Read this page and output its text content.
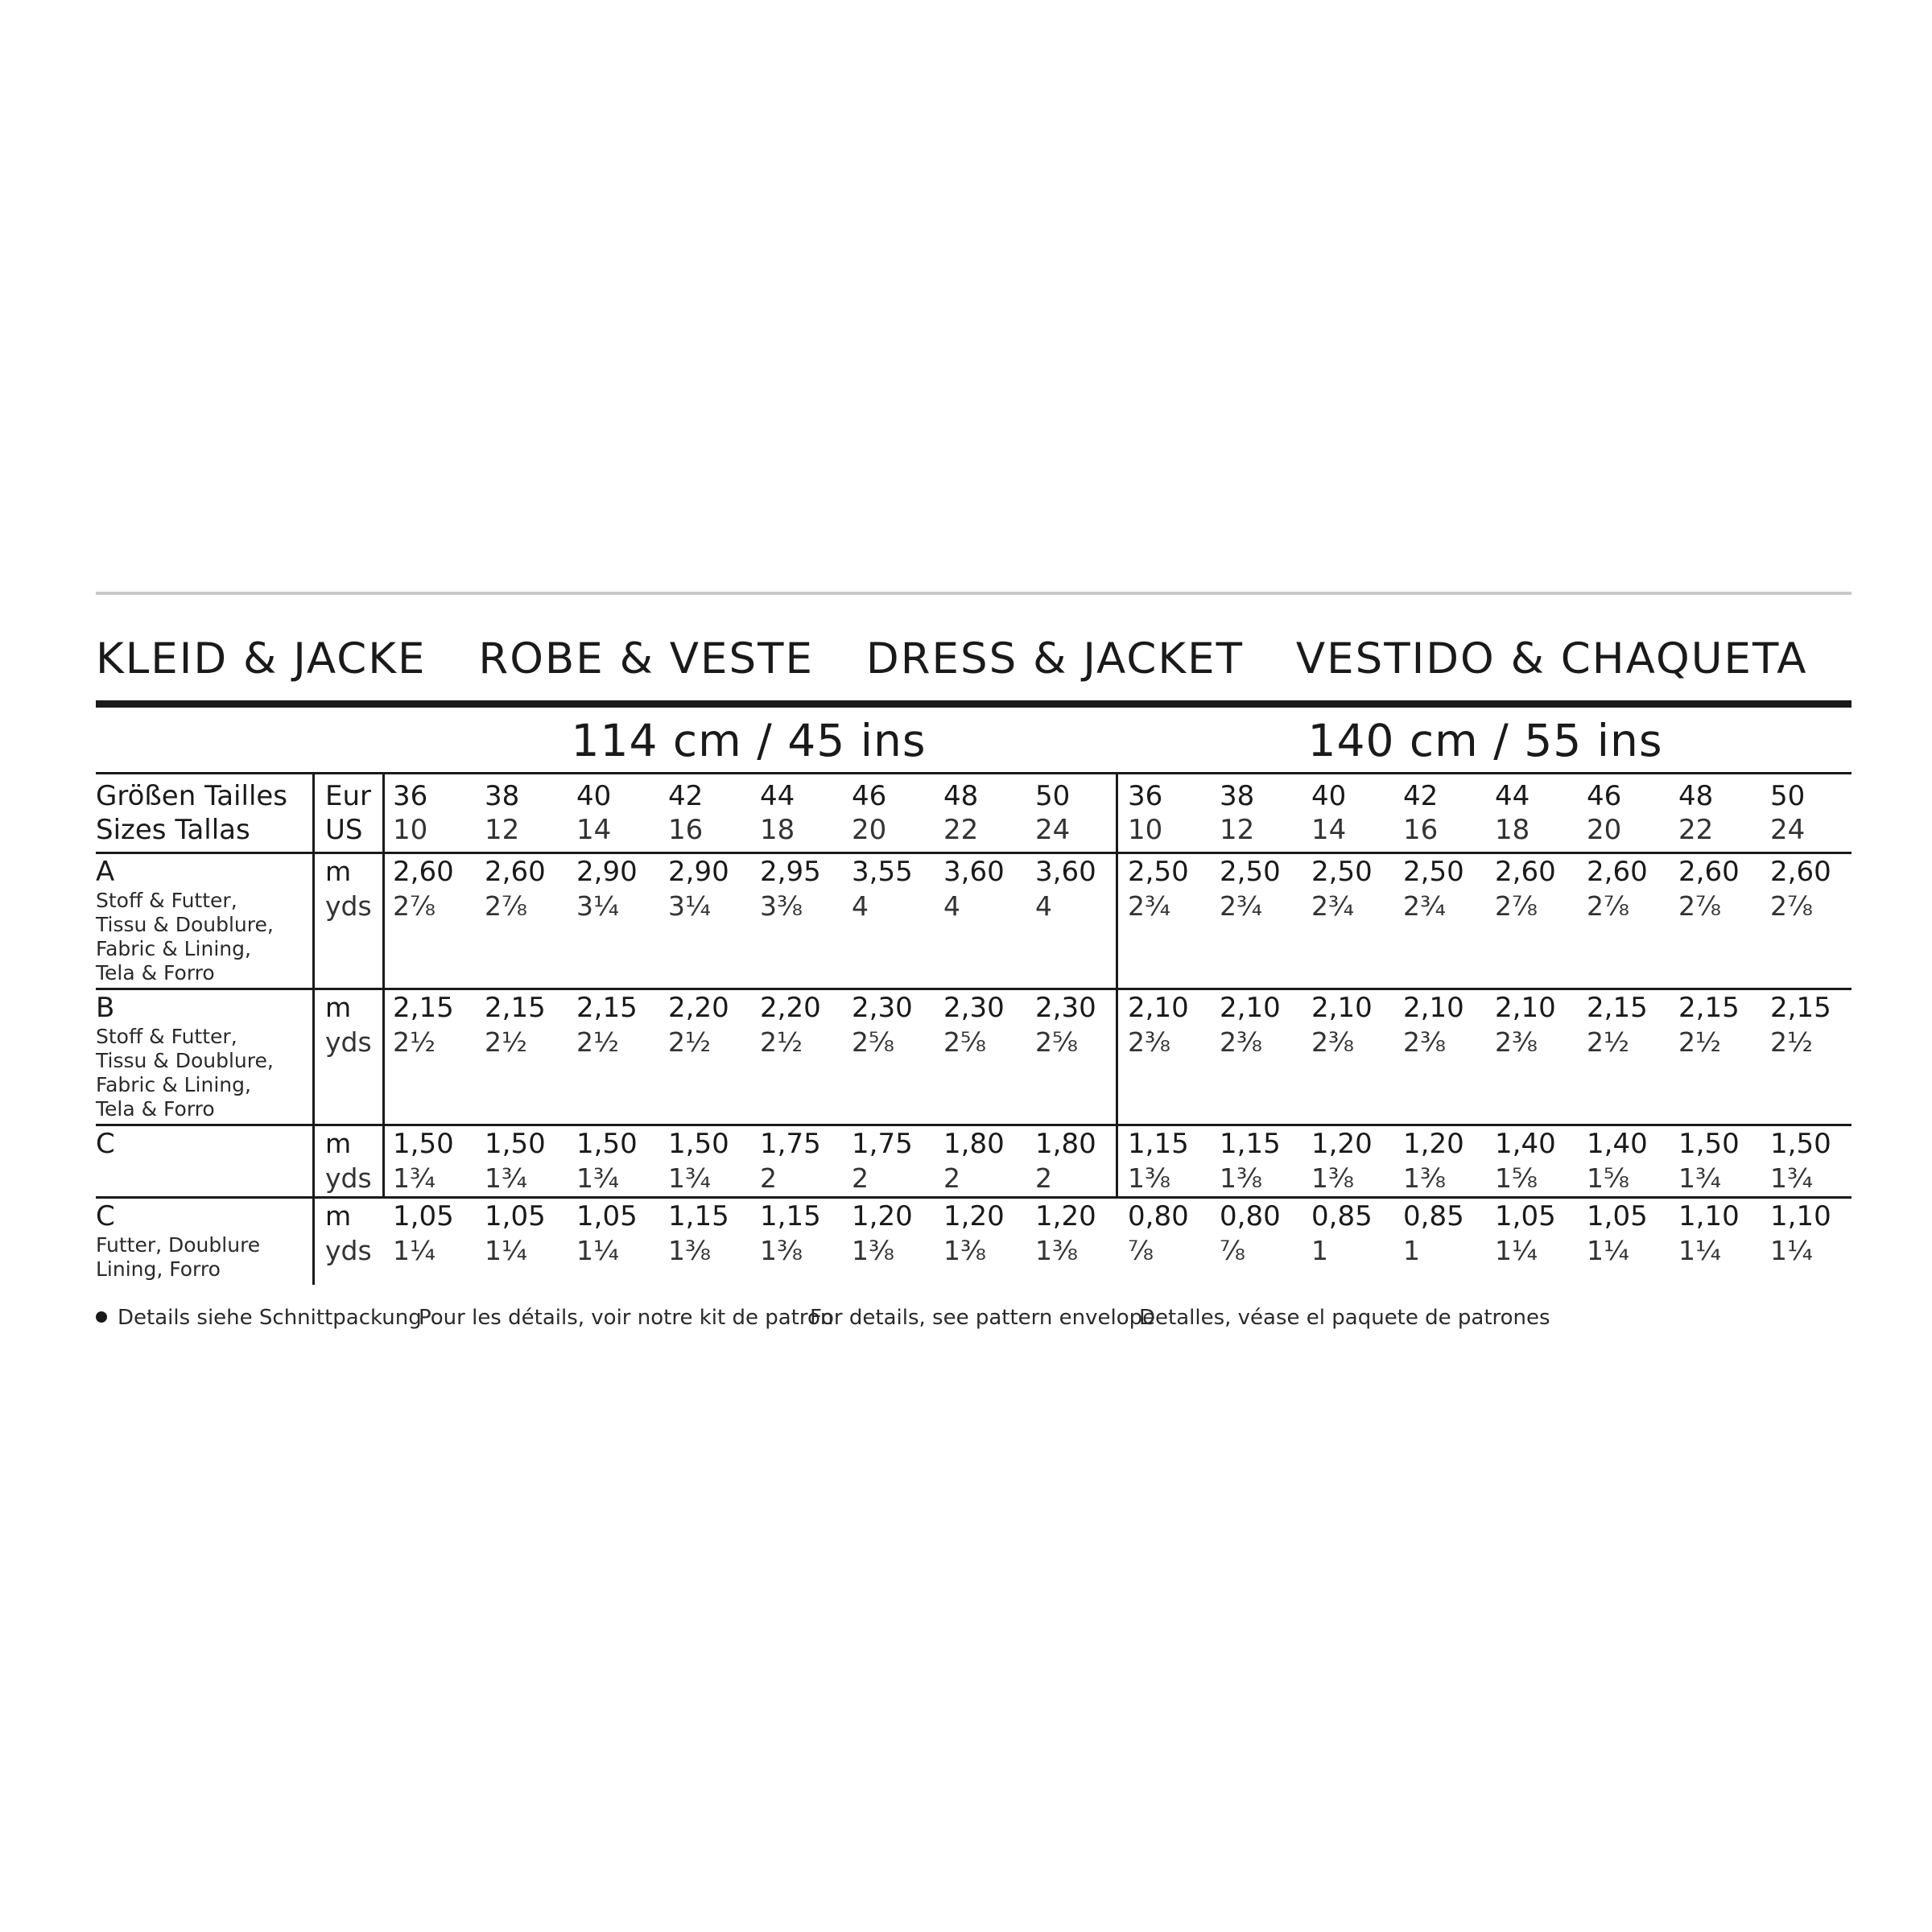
KLEID & JACKE ROBE & VESTE DRESS & JACKET VESTIDO & CHAQUETA
114 cm / 45 ins	140 cm / 55 ins
Größen Tailles
Sizes Tallas
Eur
US
36
10
38
12
40
14
42
16
44
18
46
20
48
22
50
24
36
10
38
12
40
14
42
16
44
18
46
20
48
22
50
24
A
Stoff & Futter,
Tissu & Doublure,
Fabric & Lining,
Tela & Forro
m
yds
2,60
2⅞
2,60
2⅞
2,90
3¼
2,90
3¼
2,95
3⅜
3,55
4
3,60
4
3,60
4
2,50
2¾
2,50
2¾
2,50
2¾
2,50
2¾
2,60
2⅞
2,60
2⅞
2,60
2⅞
2,60
2⅞
B
Stoff & Futter,
Tissu & Doublure,
Fabric & Lining,
Tela & Forro
m
yds
2,15
2½
2,15
2½
2,15
2½
2,20
2½
2,20
2½
2,30
2⅝
2,30
2⅝
2,30
2⅝
2,10
2⅜
2,10
2⅜
2,10
2⅜
2,10
2⅜
2,10
2⅜
2,15
2½
2,15
2½
2,15
2½
C	m
yds
1,50
1¾
1,50
1¾
1,50
1¾
1,50
1¾
1,75
2
1,75
2
1,80
2
1,80
2
1,15
1⅜
1,15
1⅜
1,20
1⅜
1,20
1⅜
1,40
1⅝
1,40
1⅝
1,50
1¾
1,50
1¾
C
Futter, Doublure
Lining, Forro
m
yds
1,05
1¼
1,05
1¼
1,05
1¼
1,15
1⅜
1,15
1⅜
1,20
1⅜
1,20
1⅜
1,20
1⅜
0,80
⅞
0,80
⅞
0,85
1
0,85
1
1,05
1¼
1,05
1¼
1,10
1¼
1,10
1¼
Details siehe Schnittpackung
Pour les détails, voir notre kit de patron
For details, see pattern envelope
Detalles, véase el paquete de patrones
